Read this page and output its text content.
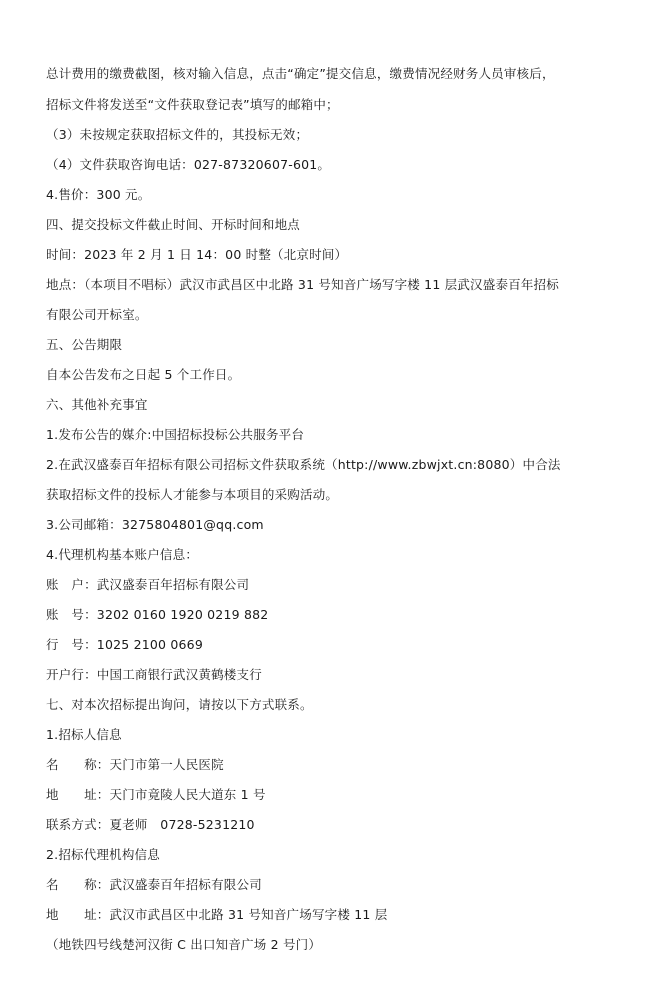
总计费用的缴费截图，核对输入信息，点击“确定”提交信息，缴费情况经财务人员审核后，
招标文件将发送至“文件获取登记表”填写的邮箱中；
（3）未按规定获取招标文件的，其投标无效；
（4）文件获取咨询电话：027-87320607-601。
4.售价：300 元。
四、提交投标文件截止时间、开标时间和地点
时间：2023 年 2 月 1 日 14：00 时整（北京时间）
地点：（本项目不唱标）武汉市武昌区中北路 31 号知音广场写字楼 11 层武汉盛泰百年招标
有限公司开标室。
五、公告期限
自本公告发布之日起 5 个工作日。
六、其他补充事宜
1.发布公告的媒介:中国招标投标公共服务平台
2.在武汉盛泰百年招标有限公司招标文件获取系统（http://www.zbwjxt.cn:8080）中合法
获取招标文件的投标人才能参与本项目的采购活动。
3.公司邮箱：3275804801@qq.com
4.代理机构基本账户信息：
账　户：武汉盛泰百年招标有限公司
账　号：3202 0160 1920 0219 882
行　号：1025 2100 0669
开户行：中国工商银行武汉黄鹤楼支行
七、对本次招标提出询问，请按以下方式联系。
1.招标人信息
名　　称：天门市第一人民医院
地　　址：天门市竟陵人民大道东 1 号
联系方式：夏老师　0728-5231210
2.招标代理机构信息
名　　称：武汉盛泰百年招标有限公司
地　　址：武汉市武昌区中北路 31 号知音广场写字楼 11 层
（地铁四号线楚河汉街 C 出口知音广场 2 号门）
